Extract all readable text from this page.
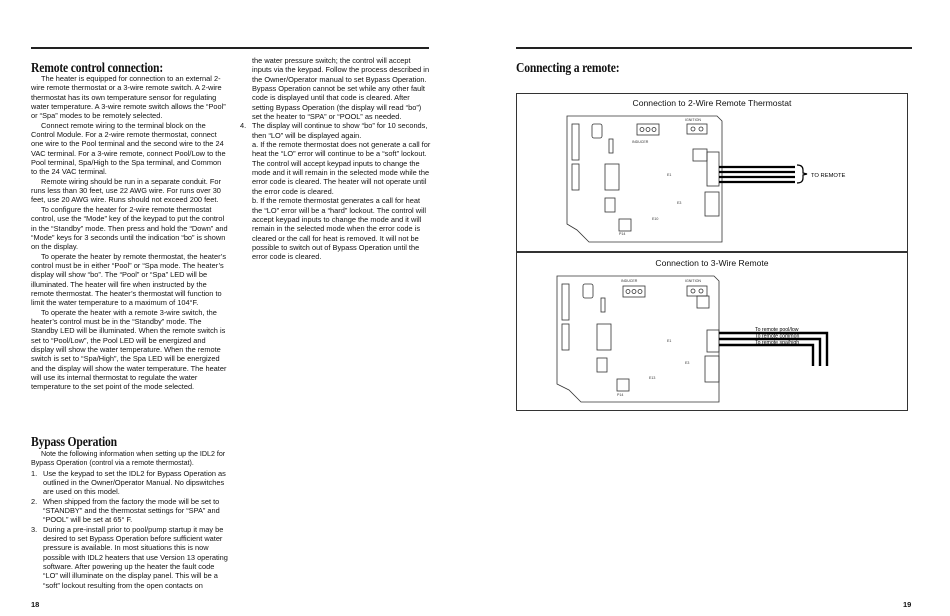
Remote control connection:

The heater is equipped for connection to an external 2-wire remote thermostat or a 3-wire remote switch. A 2-wire thermostat has its own temperature sensor for regulating water temperature. A 3-wire remote switch allows the “Pool” or “Spa” modes to be remotely selected.

Connect remote wiring to the terminal block on the Control Module. For a 2-wire remote thermostat, connect one wire to the Pool terminal and the second wire to the 24 VAC terminal. For a 3-wire remote, connect Pool/Low to the Pool terminal, Spa/High to the Spa terminal, and Common to the 24 VAC terminal.

Remote wiring should be run in a separate conduit. For runs less than 30 feet, use 22 AWG wire. For runs over 30 feet, use 20 AWG wire. Runs should not exceed 200 feet.

To configure the heater for 2-wire remote thermostat control, use the “Mode” key of the keypad to put the control in the “Standby” mode. Then press and hold the “Down” and “Mode” keys for 3 seconds until the indication “bo” is shown on the display.

To operate the heater by remote thermostat, the heater’s control must be in either “Pool” or “Spa mode. The heater’s display will show “bo”. The “Pool” or “Spa” LED will be illuminated. The heater will fire when instructed by the remote thermostat. The heater’s thermostat will function to limit the water temperature to a maximum of 104°F.

To operate the heater with a remote 3-wire switch, the heater’s control must be in the “Standby” mode. The Standby LED will be illuminated. When the remote switch is set to “Pool/Low”, the Pool LED will be energized and display will show the water temperature. When the remote switch is set to “Spa/High”, the Spa LED will be energized and the display will show the water temperature. The heater will use its internal thermostat to regulate the water temperature to the set point of the mode selected.

Bypass Operation

Note the following information when setting up the IDL2 for Bypass Operation (control via a remote thermostat).

1. Use the keypad to set the IDL2 for Bypass Operation as outlined in the Owner/Operator Manual. No dipswitches are used on this model.

2. When shipped from the factory the mode will be set to “STANDBY” and the thermostat settings for “SPA” and “POOL” will be set at 65° F.

3. During a pre-install prior to pool/pump startup it may be desired to set Bypass Operation before sufficient water pressure is available. In most situations this is now possible with IDL2 heaters that use Version 13 operating software. After powering up the heater the fault code “LO” will illuminate on the display panel. This will be a “soft” lockout resulting from the open contacts on

the water pressure switch; the control will accept inputs via the keypad. Follow the process described in the Owner/Operator manual to set Bypass Operation. Bypass Operation cannot be set while any other fault code is displayed until that code is cleared. After setting Bypass Operation (the display will read “bo”) set the heater to “SPA” or “POOL” as needed.

4. The display will continue to show “bo” for 10 seconds, then “LO” will be displayed again.

a. If the remote thermostat does not generate a call for heat the “LO” error will continue to be a “soft” lockout. The control will accept keypad inputs to change the mode and it will remain in the selected mode while the error code is cleared. The heater will not operate until the error code is cleared.

b. If the remote thermostat generates a call for heat the “LO” error will be a “hard” lockout. The control will accept keypad inputs to change the mode and it will remain in the selected mode when the error code is cleared or the call for heat is removed. It will not be possible to switch out of Bypass Operation until the error code is cleared.

18
Connecting a remote:
Connection to 2-Wire Remote Thermostat
Connection to 3-Wire Remote
INDUCER
IGNITION
E1
E10
E3
P14
TO REMOTE
INDUCER	IGNITION
E1
E13
E3
P14
To remote pool/low
To remote common
To remote spa/high
19
